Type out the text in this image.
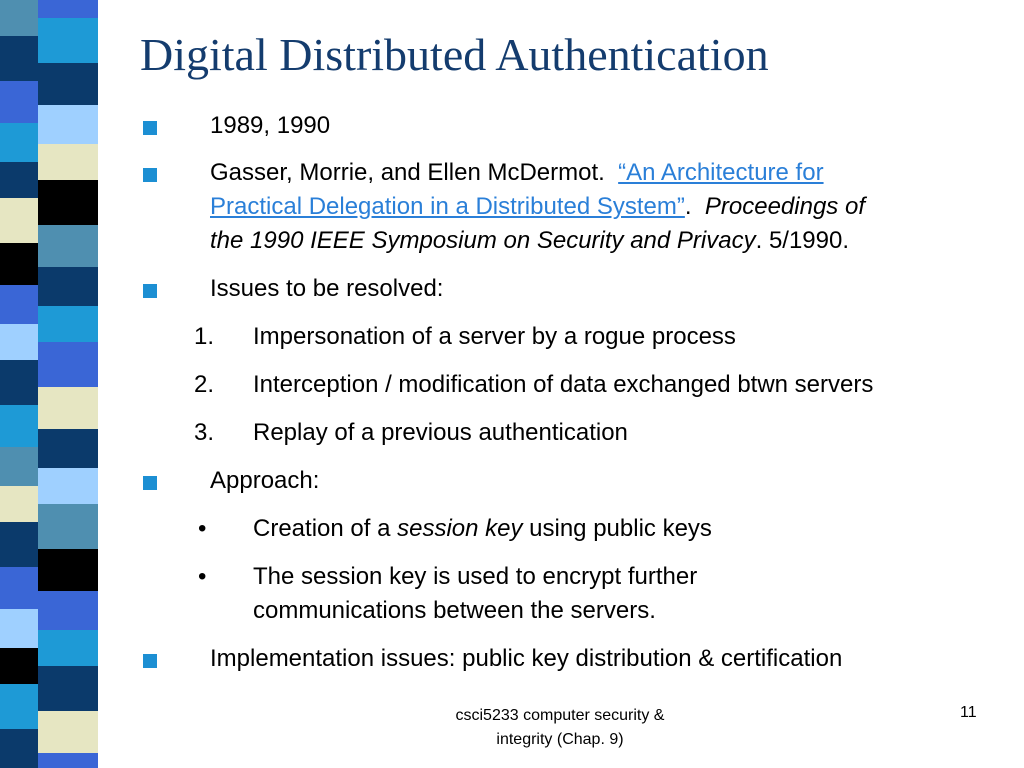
Digital Distributed Authentication
1989, 1990
Gasser, Morrie, and Ellen McDermot. “An Architecture for
Practical Delegation in a Distributed System”. Proceedings of
the 1990 IEEE Symposium on Security and Privacy. 5/1990.
Issues to be resolved:
1. Impersonation of a server by a rogue process
2. Interception / modification of data exchanged btwn servers
3. Replay of a previous authentication
Approach:
• Creation of a session key using public keys
• The session key is used to encrypt further
communications between the servers.
Implementation issues: public key distribution & certification
csci5233 computer security &
integrity (Chap. 9)
11
